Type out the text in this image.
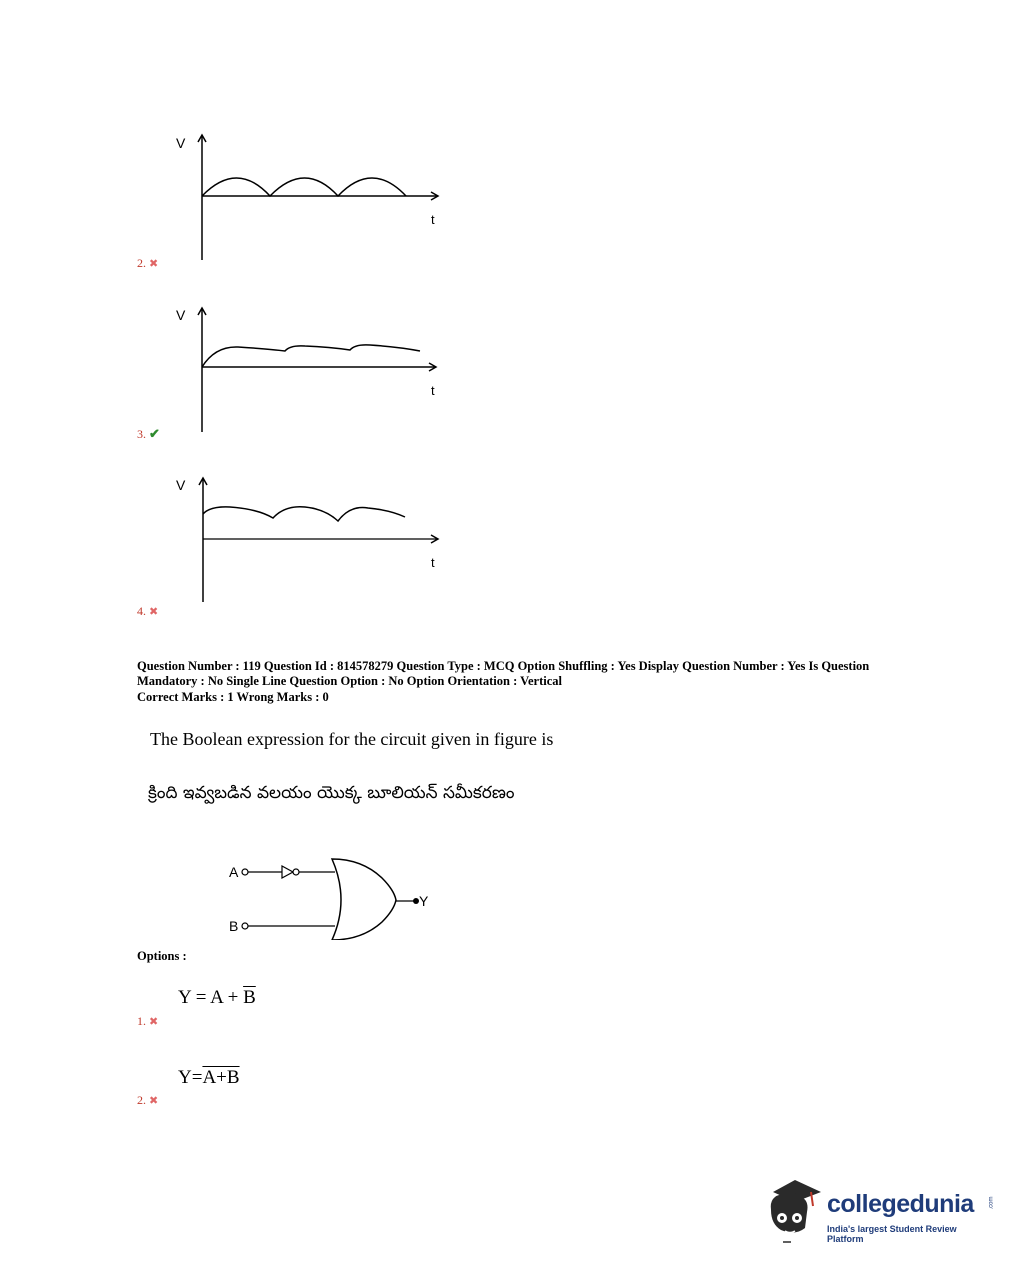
V
t
2. ✖
V
t
3. ✔
V
t
4. ✖
Question Number : 119 Question Id : 814578279 Question Type : MCQ Option Shuffling : Yes Display Question Number : Yes Is Question Mandatory : No Single Line Question Option : No Option Orientation : Vertical
Correct Marks : 1 Wrong Marks : 0
The Boolean expression for the circuit given in figure is
క్రింది ఇవ్వబడిన వలయం యొక్క బూలియన్ సమీకరణం
A
B
Y
Options :
$Y = A + \overline{B}$
1. ✖
Y=A+B
2. ✖
collegedunia .com
India's largest Student Review Platform
